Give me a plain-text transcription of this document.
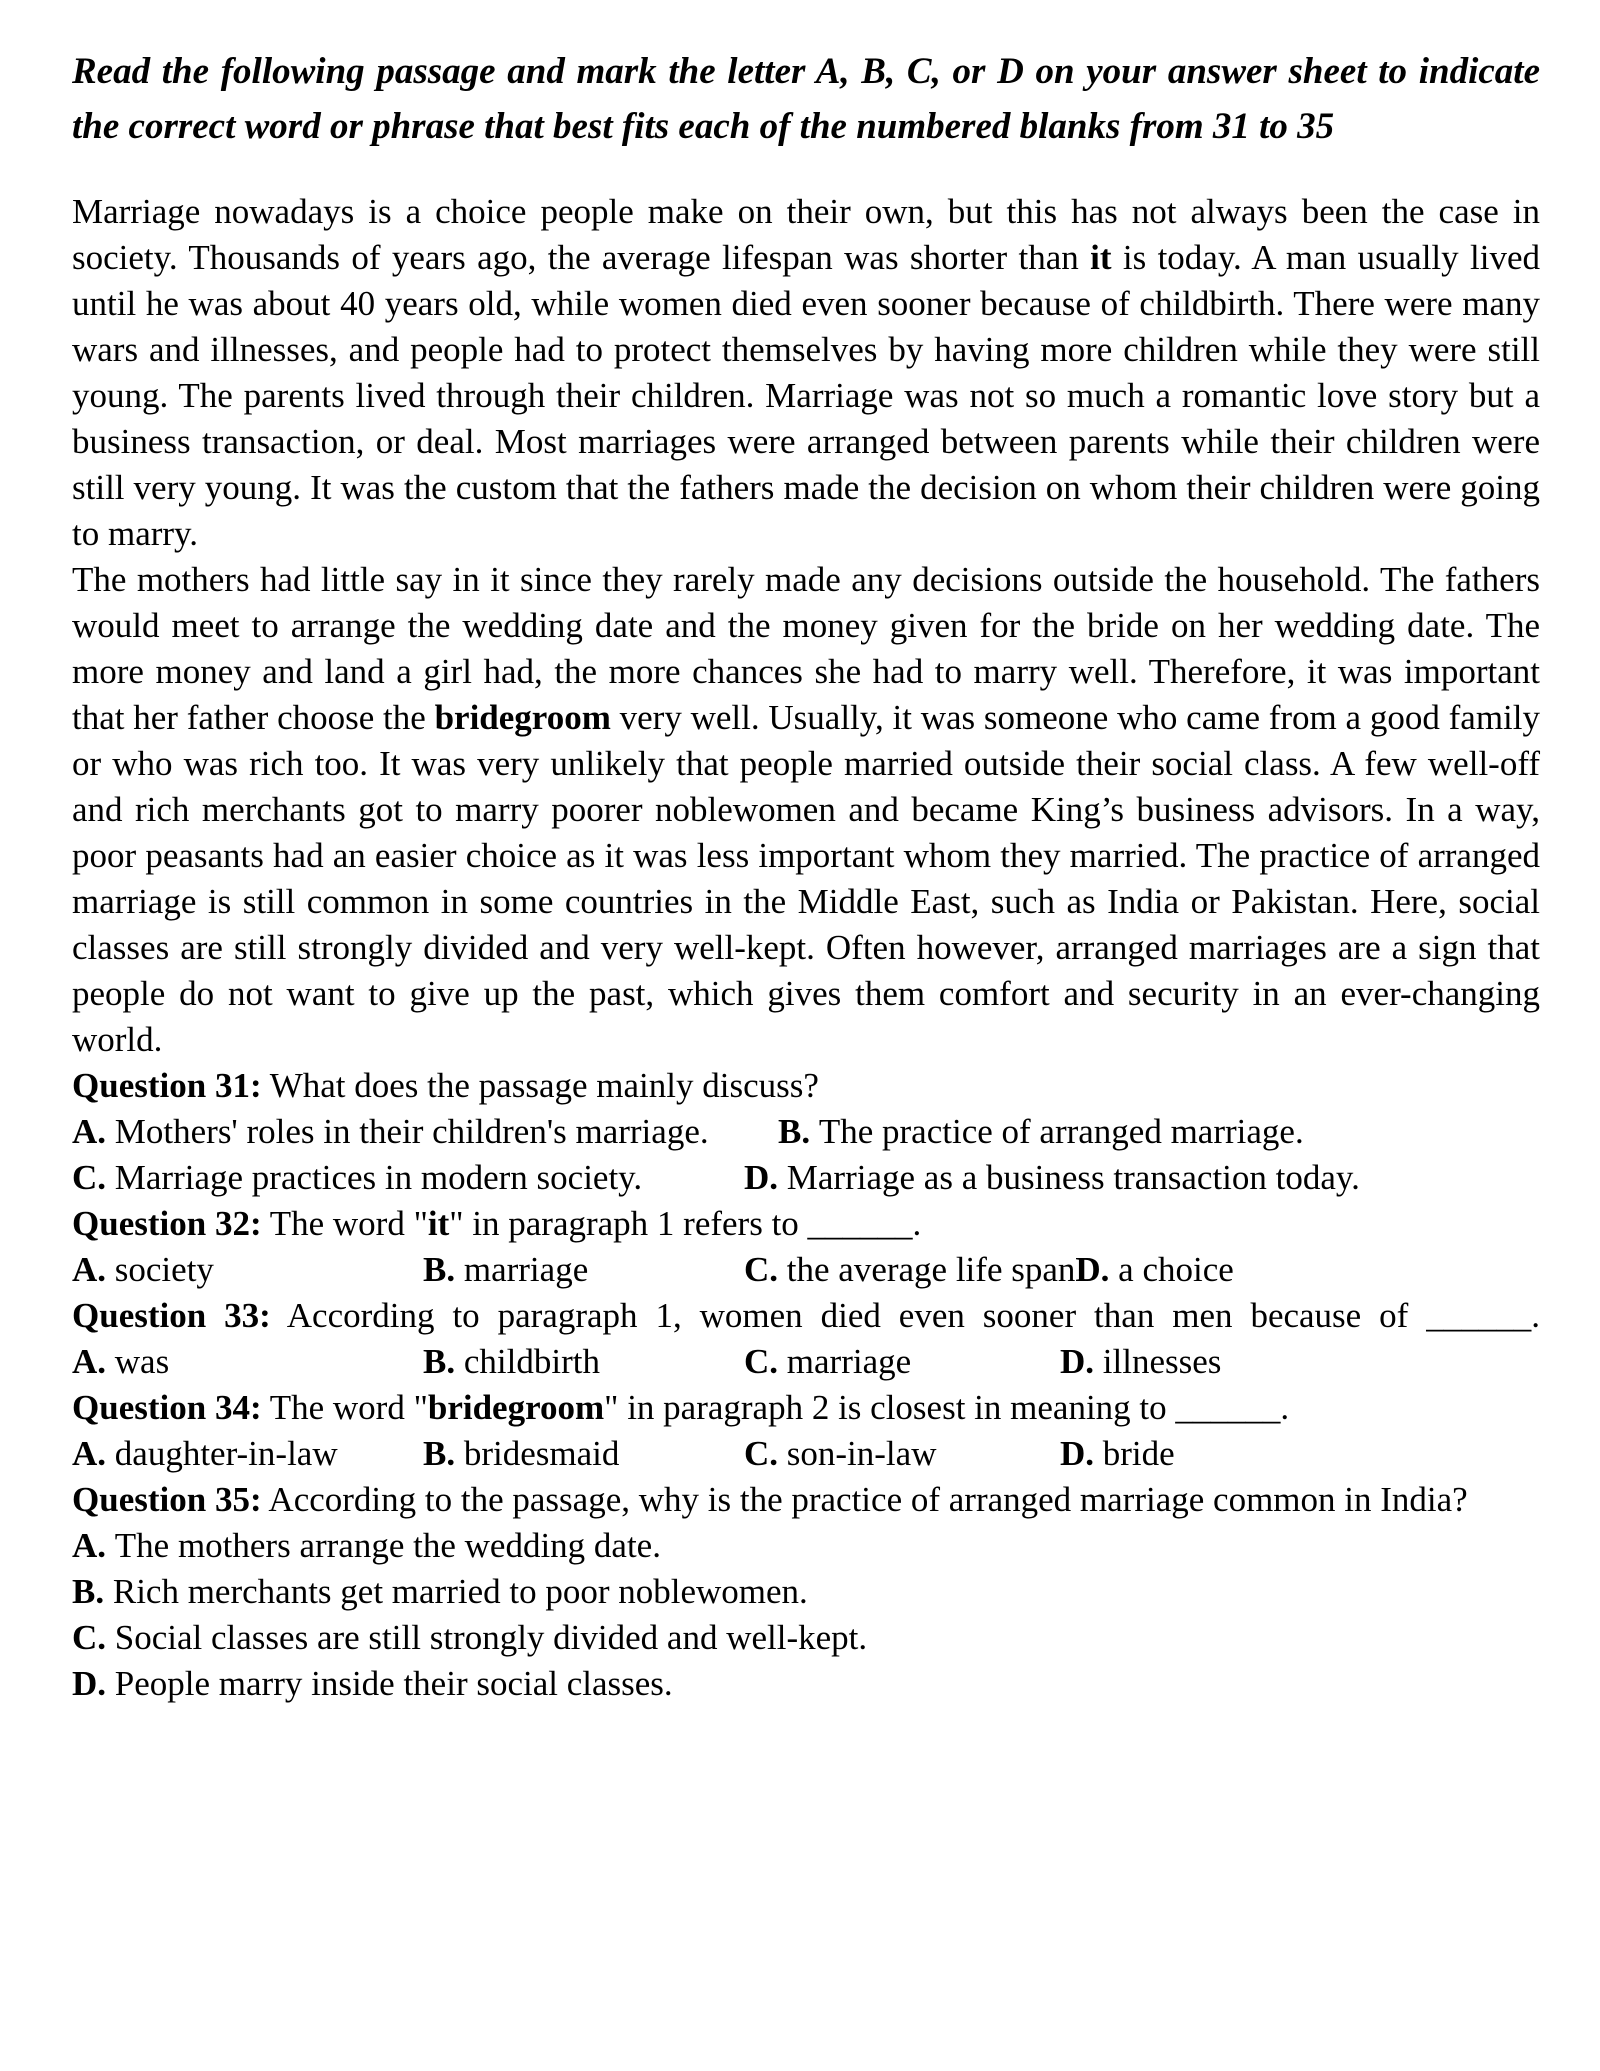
Read the following passage and mark the letter A, B, C, or D on your answer sheet to indicate the correct word or phrase that best fits each of the numbered blanks from 31 to 35

Marriage nowadays is a choice people make on their own, but this has not always been the case in society. Thousands of years ago, the average lifespan was shorter than it is today. A man usually lived until he was about 40 years old, while women died even sooner because of childbirth. There were many wars and illnesses, and people had to protect themselves by having more children while they were still young. The parents lived through their children. Marriage was not so much a romantic love story but a business transaction, or deal. Most marriages were arranged between parents while their children were still very young. It was the custom that the fathers made the decision on whom their children were going to marry.

The mothers had little say in it since they rarely made any decisions outside the household. The fathers would meet to arrange the wedding date and the money given for the bride on her wedding date. The more money and land a girl had, the more chances she had to marry well. Therefore, it was important that her father choose the bridegroom very well. Usually, it was someone who came from a good family or who was rich too. It was very unlikely that people married outside their social class. A few well-off and rich merchants got to marry poorer noblewomen and became King’s business advisors. In a way, poor peasants had an easier choice as it was less important whom they married. The practice of arranged marriage is still common in some countries in the Middle East, such as India or Pakistan. Here, social classes are still strongly divided and very well-kept. Often however, arranged marriages are a sign that people do not want to give up the past, which gives them comfort and security in an ever-changing world.

Question 31: What does the passage mainly discuss?

A. Mothers' roles in their children's marriage.	B. The practice of arranged marriage.
C. Marriage practices in modern society.	D. Marriage as a business transaction today.

Question 32: The word "it" in paragraph 1 refers to ______.

A. society	B. marriage	C. the average life span D. a choice

Question 33: According to paragraph 1, women died even sooner than men because of ______.

A. was	B. childbirth	C. marriage	D. illnesses

Question 34: The word "bridegroom" in paragraph 2 is closest in meaning to ______.

A. daughter-in-law	B. bridesmaid	C. son-in-law	D. bride

Question 35: According to the passage, why is the practice of arranged marriage common in India?

A. The mothers arrange the wedding date.

B. Rich merchants get married to poor noblewomen.

C. Social classes are still strongly divided and well-kept.

D. People marry inside their social classes.
